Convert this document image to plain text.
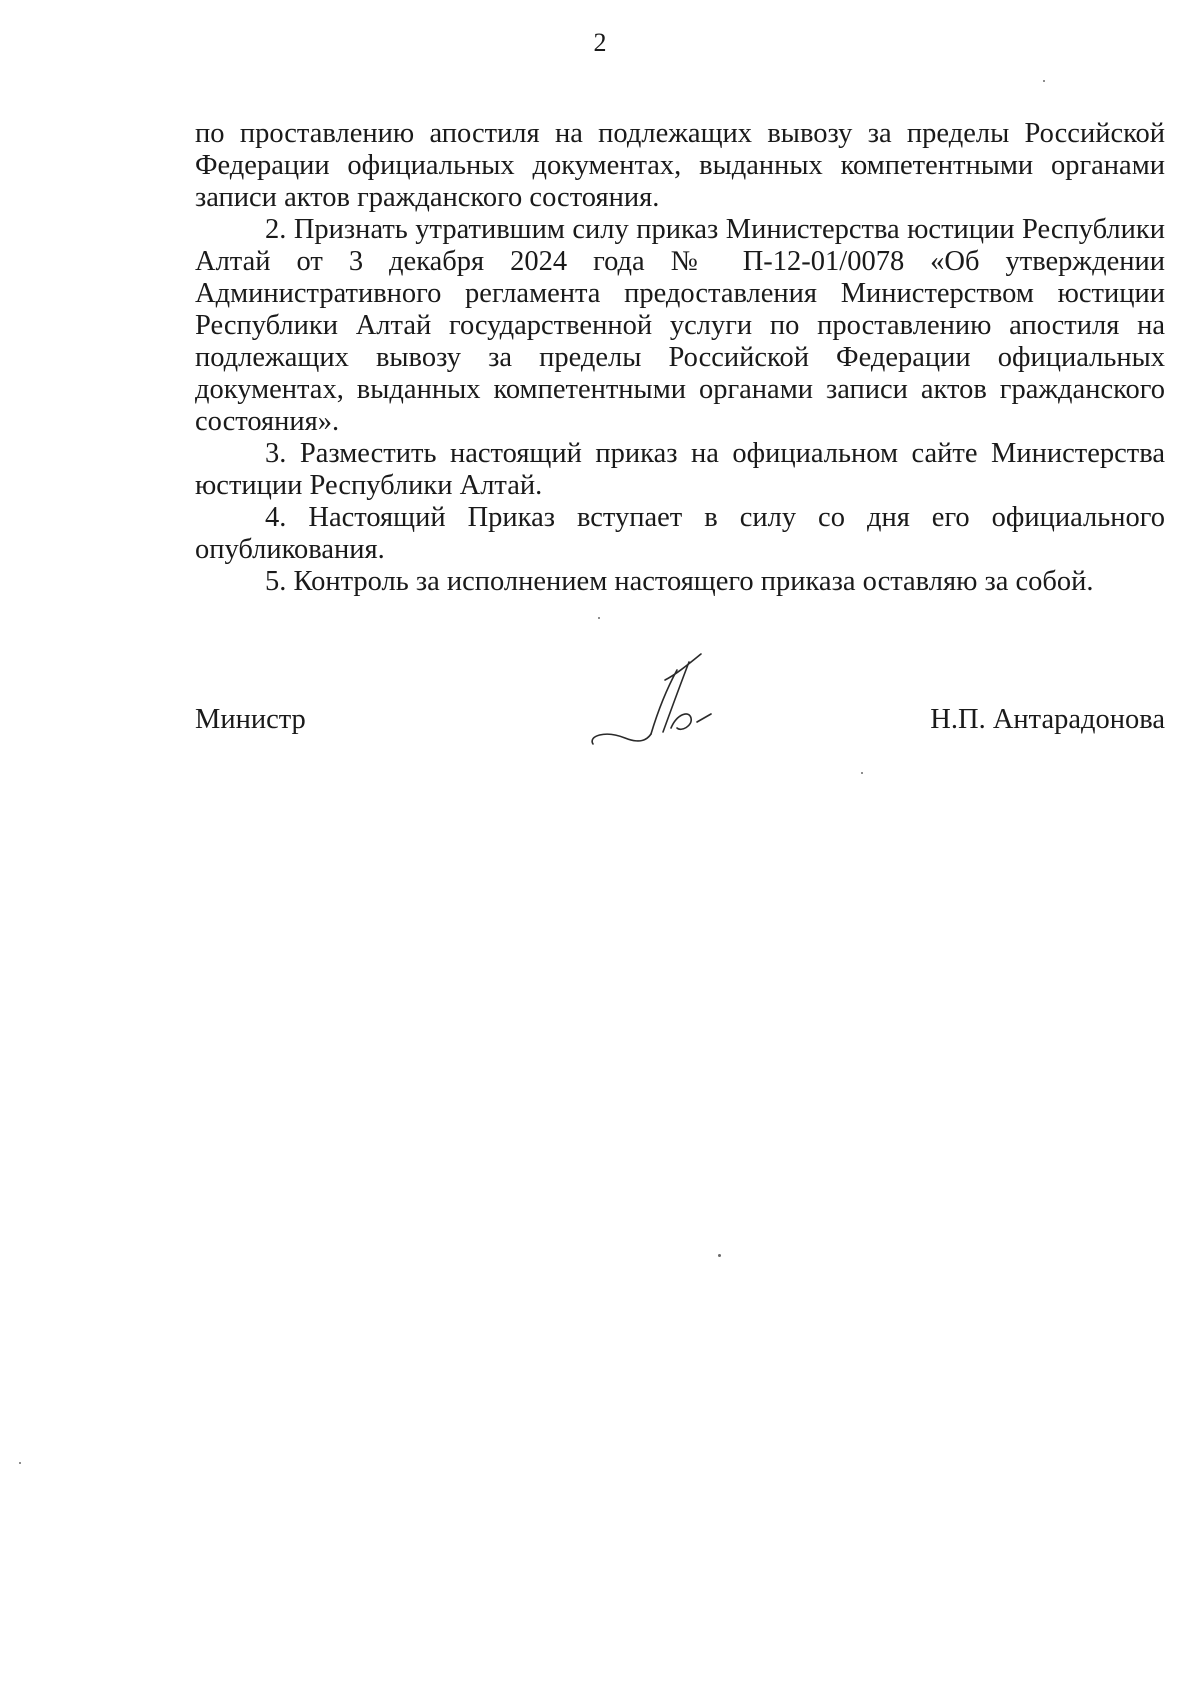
2

по проставлению апостиля на подлежащих вывозу за пределы Российской Федерации официальных документах, выданных компетентными органами записи актов гражданского состояния.

2. Признать утратившим силу приказ Министерства юстиции Республики Алтай от 3 декабря 2024 года № П-12-01/0078 «Об утверждении Административного регламента предоставления Министерством юстиции Республики Алтай государственной услуги по проставлению апостиля на подлежащих вывозу за пределы Российской Федерации официальных документах, выданных компетентными органами записи актов гражданского состояния».

3. Разместить настоящий приказ на официальном сайте Министерства юстиции Республики Алтай.

4. Настоящий Приказ вступает в силу со дня его официального опубликования.

5. Контроль за исполнением настоящего приказа оставляю за собой.

Министр	Н.П. Антарадонова
